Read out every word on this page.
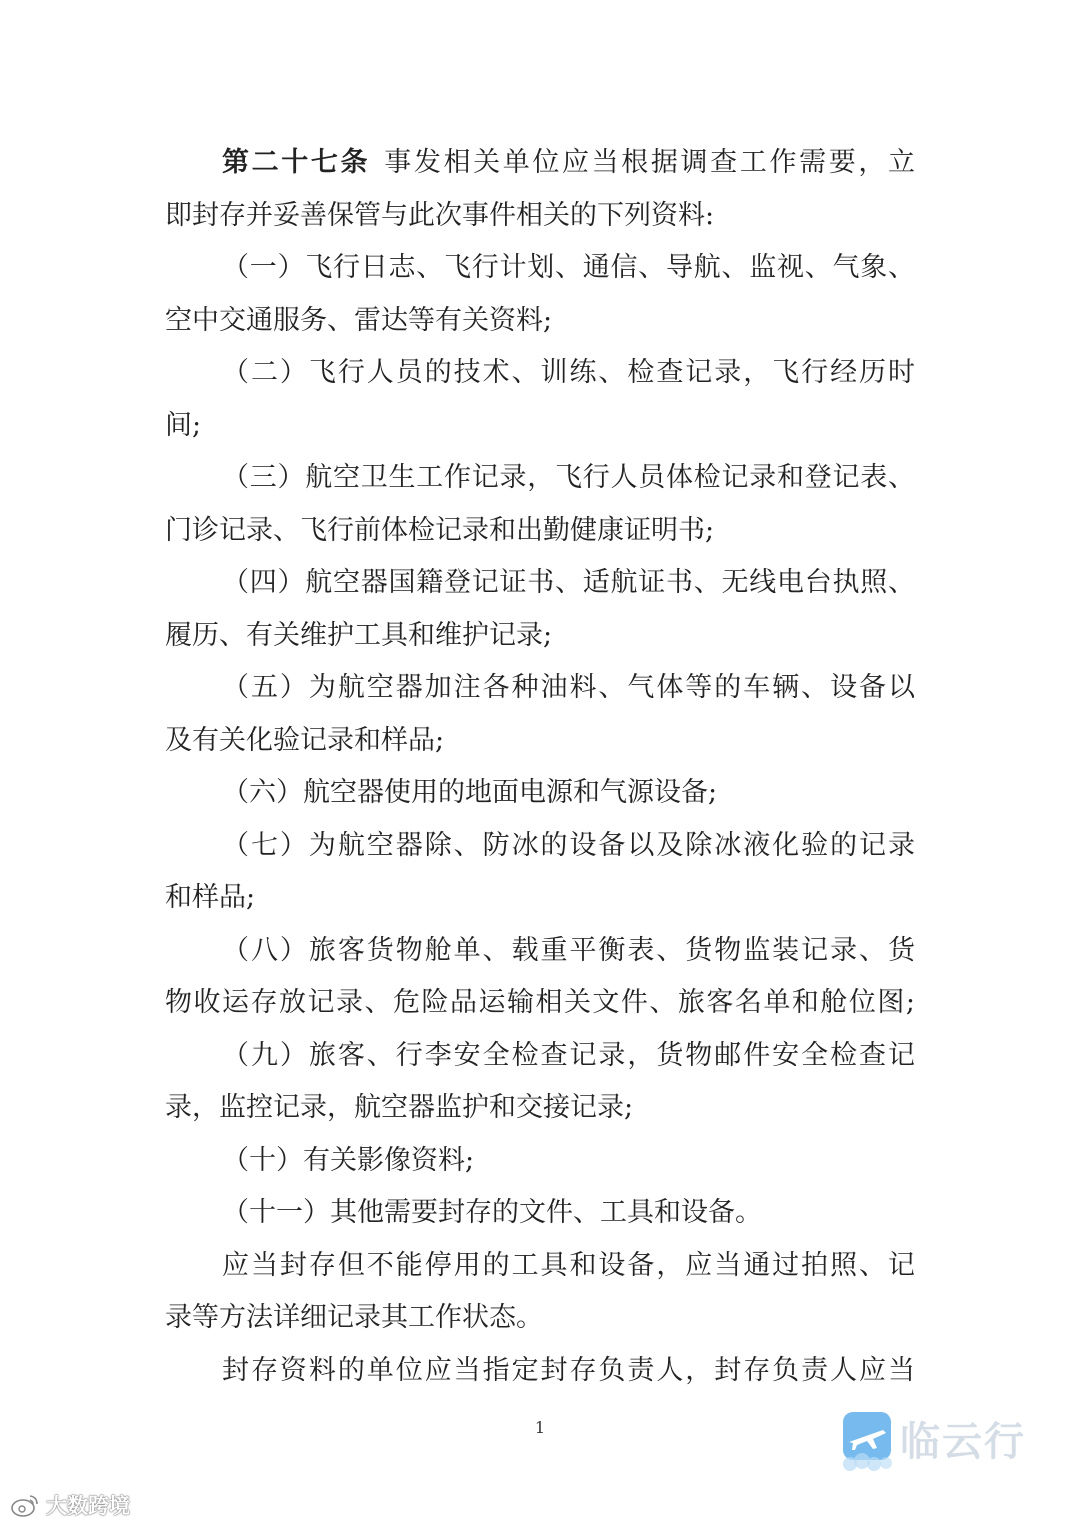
第二十七条 事发相关单位应当根据调查工作需要，立
即封存并妥善保管与此次事件相关的下列资料:
（一）飞行日志、飞行计划、通信、导航、监视、气象、
空中交通服务、雷达等有关资料;
（二）飞行人员的技术、训练、检查记录，飞行经历时
间;
（三）航空卫生工作记录，飞行人员体检记录和登记表、
门诊记录、飞行前体检记录和出勤健康证明书;
（四）航空器国籍登记证书、适航证书、无线电台执照、
履历、有关维护工具和维护记录;
（五）为航空器加注各种油料、气体等的车辆、设备以
及有关化验记录和样品;
（六）航空器使用的地面电源和气源设备;
（七）为航空器除、防冰的设备以及除冰液化验的记录
和样品;
（八）旅客货物舱单、载重平衡表、货物监装记录、货
物收运存放记录、危险品运输相关文件、旅客名单和舱位图;
（九）旅客、行李安全检查记录，货物邮件安全检查记
录，监控记录，航空器监护和交接记录;
（十）有关影像资料;
（十一）其他需要封存的文件、工具和设备。
应当封存但不能停用的工具和设备，应当通过拍照、记
录等方法详细记录其工作状态。
封存资料的单位应当指定封存负责人，封存负责人应当
1	临云行
大数跨境
